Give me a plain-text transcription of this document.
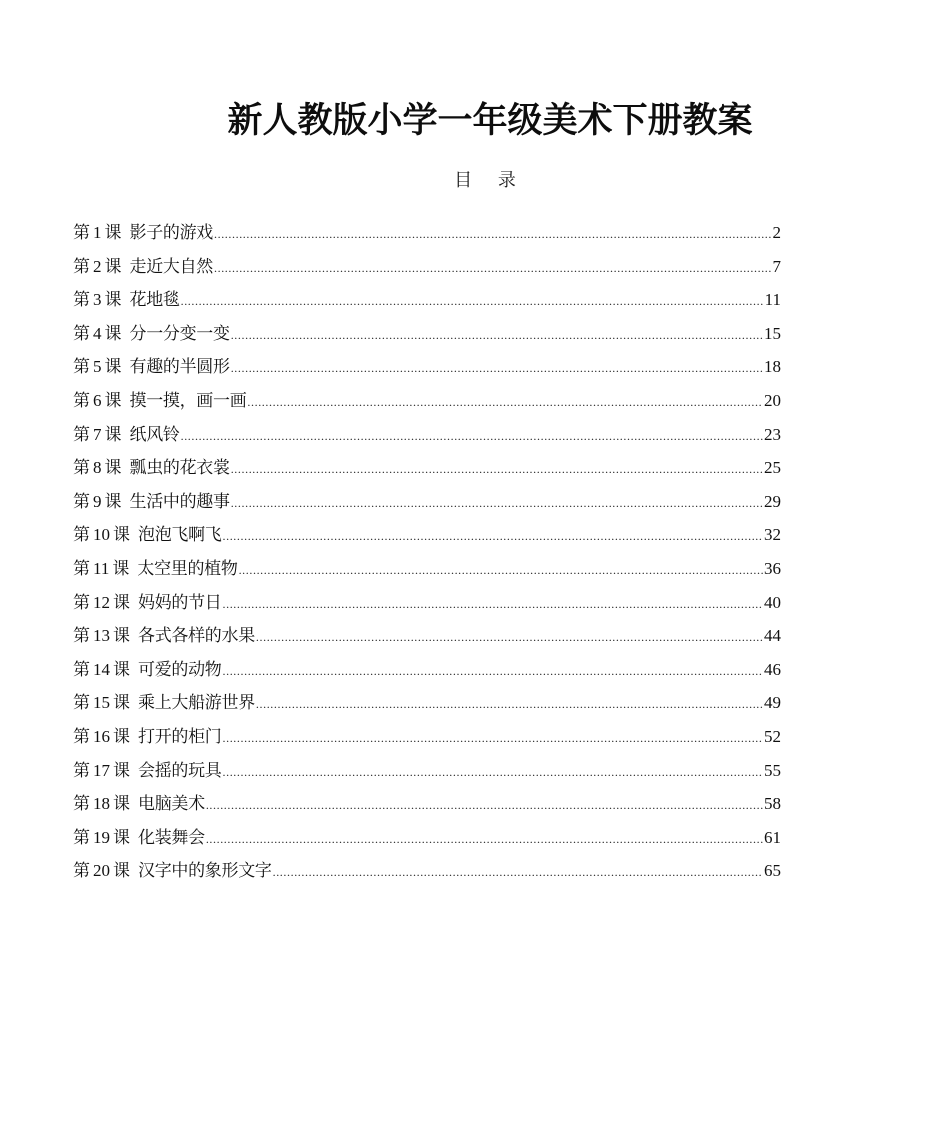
新人教版小学一年级美术下册教案
目 录
第 1 课 影子的游戏 .....	2
第 2 课 走近大自然 .....	7
第 3 课 花地毯 .....	11
第 4 课 分一分变一变 .....	15
第 5 课 有趣的半圆形 .....	18
第 6 课 摸一摸，画一画 .....	20
第 7 课 纸风铃 .....	23
第 8 课 瓢虫的花衣裳 .....	25
第 9 课 生活中的趣事 .....	29
第 10 课 泡泡飞啊飞 .....	32
第 11 课 太空里的植物 .....	36
第 12 课 妈妈的节日 .....	40
第 13 课 各式各样的水果 .....	44
第 14 课 可爱的动物 .....	46
第 15 课 乘上大船游世界 .....	49
第 16 课 打开的柜门 .....	52
第 17 课 会摇的玩具 .....	55
第 18 课 电脑美术 .....	58
第 19 课 化装舞会 .....	61
第 20 课 汉字中的象形文字 .....	65
